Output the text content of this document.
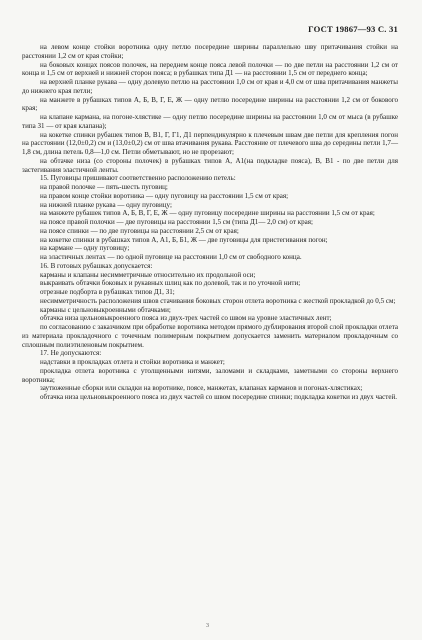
ГОСТ 19867—93 С. 31

на левом конце стойки воротника одну петлю посередине ширины параллельно шву притачивания стойки на расстоянии 1,2 см от края стойки;

на боковых концах поясов полочек, на переднем конце пояса левой полочки — по две петли на расстоянии 1,2 см от конца и 1,5 см от верхней и нижней сторон пояса; в рубашках типа Д1 — на расстоянии 1,5 см от переднего конца;

на верхней планке рукава — одну долевую петлю на расстоянии 1,0 см от края и 4,0 см от шва притачивания манжеты до нижнего края петли;

на манжете в рубашках типов А, Б, В, Г, Е, Ж — одну петлю посередине ширины на расстоянии 1,2 см от бокового края;

на клапане кармана, на погоне-хлястике — одну петлю посередине ширины на расстоянии 1,0 см от мыса (в рубашке типа З1 — от края клапана);

на кокетке спинки рубашек типов В, В1, Г, Г1, Д1 перпендикулярно к плечевым швам две петли для крепления погон на расстоянии (12,0±0,2) см и (13,0±0,2) см от шва втачивания рукава. Расстояние от плечевого шва до середины петли 1,7—1,8 см, длина петель 0,8—1,0 см. Петли обметывают, но не прорезают;

на обтачке низа (со стороны полочек) в рубашках типов А, А1(на подкладке пояса), В, В1 - по две петли для застегивания эластичной ленты.

15. Пуговицы пришивают соответственно расположению петель:

на правой полочке — пять-шесть пуговиц;

на правом конце стойки воротника — одну пуговицу на расстоянии 1,5 см от края;

на нижней планке рукава — одну пуговицу;

на манжете рубашек типов А, Б, В, Г, Е, Ж — одну пуговицу посередине ширины на расстоянии 1,5 см от края;

на поясе правой полочки — две пуговицы на расстоянии 1,5 см (типа Д1— 2,0 см) от края;

на поясе спинки — по две пуговицы на расстоянии 2,5 см от края;

на кокетке спинки в рубашках типов А, А1, Б, Б1, Ж — две пуговицы для пристегивания погон;

на кармане — одну пуговицу;

на эластичных лентах — по одной пуговице на расстоянии 1,0 см от свободного конца.

16. В готовых рубашках допускается:

карманы и клапаны несимметричные относительно их продольной оси;

выкраивать обтачки боковых и рукавных шлиц как по долевой, так и по уточной нити;

отрезные подборта в рубашках типов Д1, З1;

несимметричность расположения швов стачивания боковых сторон отлета воротника с жесткой прокладкой до 0,5 см;

карманы с цельновыкроенными обтачками;

обтачка низа цельновыкроенного пояса из двух-трех частей со швом на уровне эластичных лент;

по согласованию с заказчиком при обработке воротника методом прямого дублирования второй слой прокладки отлета из материала прокладочного с точечным полимерным покрытием допускается заменить материалом прокладочным со сплошным полиэтиленовым покрытием.

17. Не допускаются:

надставки в прокладках отлета и стойки воротника и манжет;

прокладка отлета воротника с утолщенными нитями, заломами и складками, заметными со стороны верхнего воротника;

заутюженные сборки или складки на воротнике, поясе, манжетах, клапанах карманов и погонах-хлястиках;

обтачка низа цельновыкроенного пояса из двух частей со швом посередине спинки; подкладка кокетки из двух частей.

3
